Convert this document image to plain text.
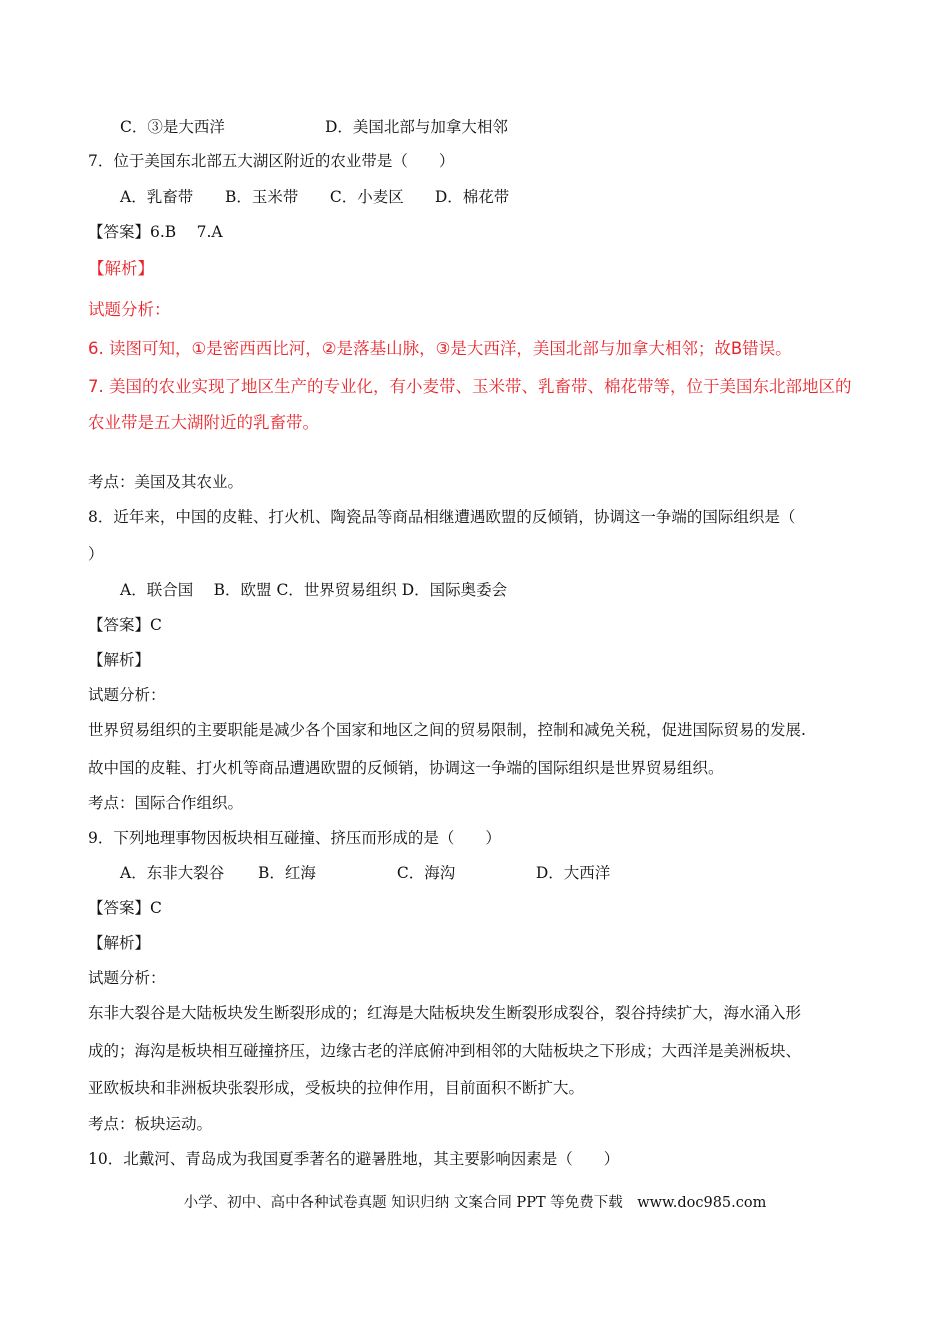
C．③是大西洋	D．美国北部与加拿大相邻
7．位于美国东北部五大湖区附近的农业带是（　　）
A．乳畜带 B．玉米带 C．小麦区 D．棉花带
【答案】6.B　 7.A
【解析】
试题分析：
6. 读图可知，①是密西西比河，②是落基山脉，③是大西洋，美国北部与加拿大相邻；故B错误。
7. 美国的农业实现了地区生产的专业化，有小麦带、玉米带、乳畜带、棉花带等，位于美国东北部地区的
农业带是五大湖附近的乳畜带。
考点：美国及其农业。
8．近年来，中国的皮鞋、打火机、陶瓷品等商品相继遭遇欧盟的反倾销，协调这一争端的国际组织是（
）
A．联合国　 B．欧盟 C．世界贸易组织 D．国际奥委会
【答案】C
【解析】
试题分析：
世界贸易组织的主要职能是减少各个国家和地区之间的贸易限制，控制和减免关税，促进国际贸易的发展.
故中国的皮鞋、打火机等商品遭遇欧盟的反倾销，协调这一争端的国际组织是世界贸易组织。
考点：国际合作组织。
9．下列地理事物因板块相互碰撞、挤压而形成的是（　　）
A．东非大裂谷 B．红海	C．海沟	D．大西洋
【答案】C
【解析】
试题分析：
东非大裂谷是大陆板块发生断裂形成的；红海是大陆板块发生断裂形成裂谷，裂谷持续扩大，海水涌入形
成的；海沟是板块相互碰撞挤压，边缘古老的洋底俯冲到相邻的大陆板块之下形成；大西洋是美洲板块、
亚欧板块和非洲板块张裂形成，受板块的拉伸作用，目前面积不断扩大。
考点：板块运动。
10．北戴河、青岛成为我国夏季著名的避暑胜地，其主要影响因素是（　　）
小学、初中、高中各种试卷真题 知识归纳 文案合同 PPT 等免费下载　www.doc985.com
